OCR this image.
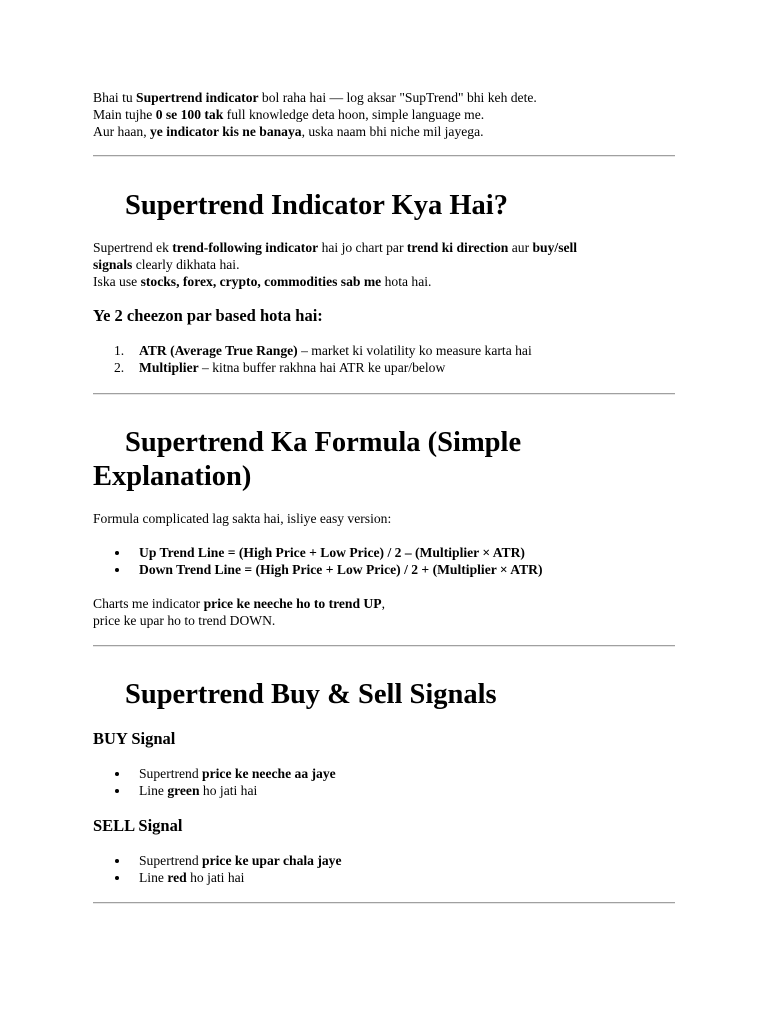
Bhai tu Supertrend indicator bol raha hai — log aksar "SupTrend" bhi keh dete.

Main tujhe 0 se 100 tak full knowledge deta hoon, simple language me.

Aur haan, ye indicator kis ne banaya, uska naam bhi niche mil jayega.

Supertrend Indicator Kya Hai?

Supertrend ek trend-following indicator hai jo chart par trend ki direction aur buy/sell

signals clearly dikhata hai.

Iska use stocks, forex, crypto, commodities sab me hota hai.

Ye 2 cheezon par based hota hai:
1.	ATR (Average True Range) – market ki volatility ko measure karta hai
2.	Multiplier – kitna buffer rakhna hai ATR ke upar/below
Supertrend Ka Formula (Simple
Explanation)

Formula complicated lag sakta hai, isliye easy version:

Up Trend Line = (High Price + Low Price) / 2 – (Multiplier × ATR)
Down Trend Line = (High Price + Low Price) / 2 + (Multiplier × ATR)

Charts me indicator price ke neeche ho to trend UP,

price ke upar ho to trend DOWN.

Supertrend Buy & Sell Signals
BUY Signal
Supertrend price ke neeche aa jaye
Line green ho jati hai
SELL Signal
Supertrend price ke upar chala jaye
Line red ho jati hai
